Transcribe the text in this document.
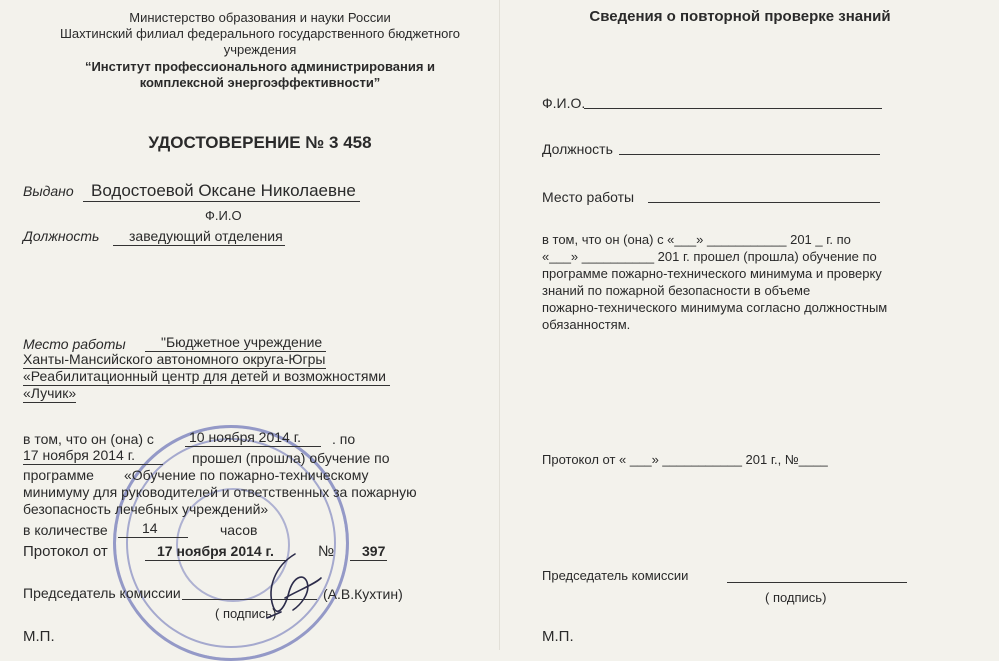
Министерство образования и науки России
Шахтинский филиал федерального государственного бюджетного
учреждения
“Институт профессионального администрирования и
комплексной энергоэффективности”
УДОСТОВЕРЕНИЕ № 3 458
Выдано	Водостоевой Оксане Николаевне
Ф.И.О
Должность	заведующий отделения
Место работы	"Бюджетное учреждение
Ханты-Мансийского автономного округа-Югры
«Реабилитационный центр для детей и возможностями
«Лучик»
в том, что он (она) с	10 ноября 2014 г.	. по
17 ноября 2014 г.	прошел (прошла) обучение по
программе «Обучение по пожарно-техническому
минимуму для руководителей и ответственных за пожарную
безопасность лечебных учреждений»
в количестве	14	часов
Протокол от	17 ноября 2014 г.	№	397
Председатель комиссии	(А.В.Кухтин)
( подпись)
М.П.
Сведения о повторной проверке знаний
Ф.И.О.
Должность
Место работы
в том, что он (она) с «___» ___________ 201 _ г. по
«___» __________ 201 г. прошел (прошла) обучение по
программе пожарно-технического минимума и проверку
знаний по пожарной безопасности в объеме
пожарно-технического минимума согласно должностным
обязанностям.
Протокол от « ___» ___________ 201 г., №____
Председатель комиссии
( подпись)
М.П.
